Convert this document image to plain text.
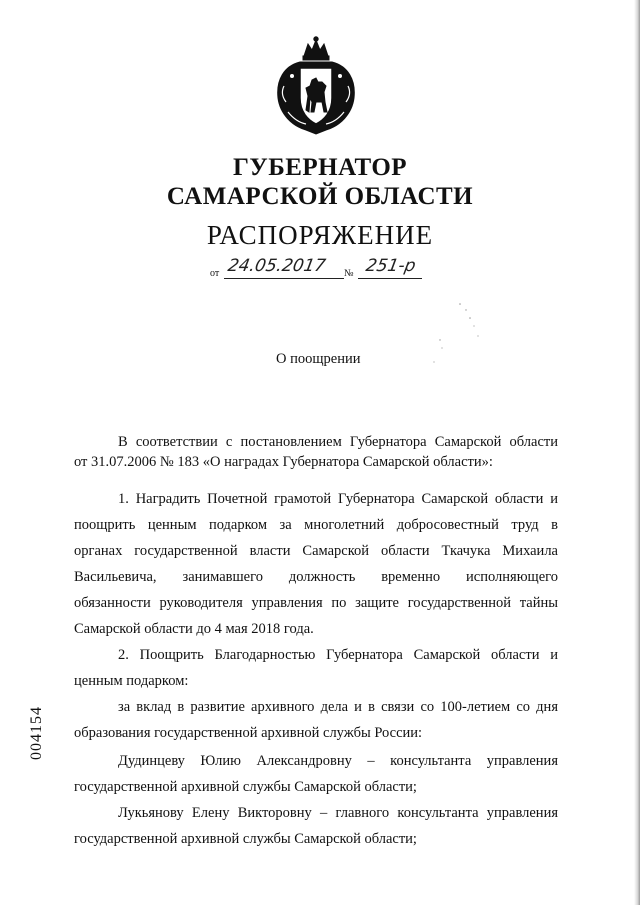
ГУБЕРНАТОР
САМАРСКОЙ ОБЛАСТИ
РАСПОРЯЖЕНИЕ
от 24.05.2017 № 251-р
О поощрении
В соответствии с постановлением Губернатора Самарской области
от 31.07.2006 № 183 «О наградах Губернатора Самарской области»:
1. Наградить Почетной грамотой Губернатора Самарской области и
поощрить ценным подарком за многолетний добросовестный труд в
органах государственной власти Самарской области Ткачука Михаила
Васильевича, занимавшего должность временно исполняющего
обязанности руководителя управления по защите государственной тайны
Самарской области до 4 мая 2018 года.
2. Поощрить Благодарностью Губернатора Самарской области и
ценным подарком:
за вклад в развитие архивного дела и в связи со 100-летием со дня
образования государственной архивной службы России:
Дудинцеву Юлию Александровну – консультанта управления
государственной архивной службы Самарской области;
Лукьянову Елену Викторовну – главного консультанта управления
государственной архивной службы Самарской области;
004154
